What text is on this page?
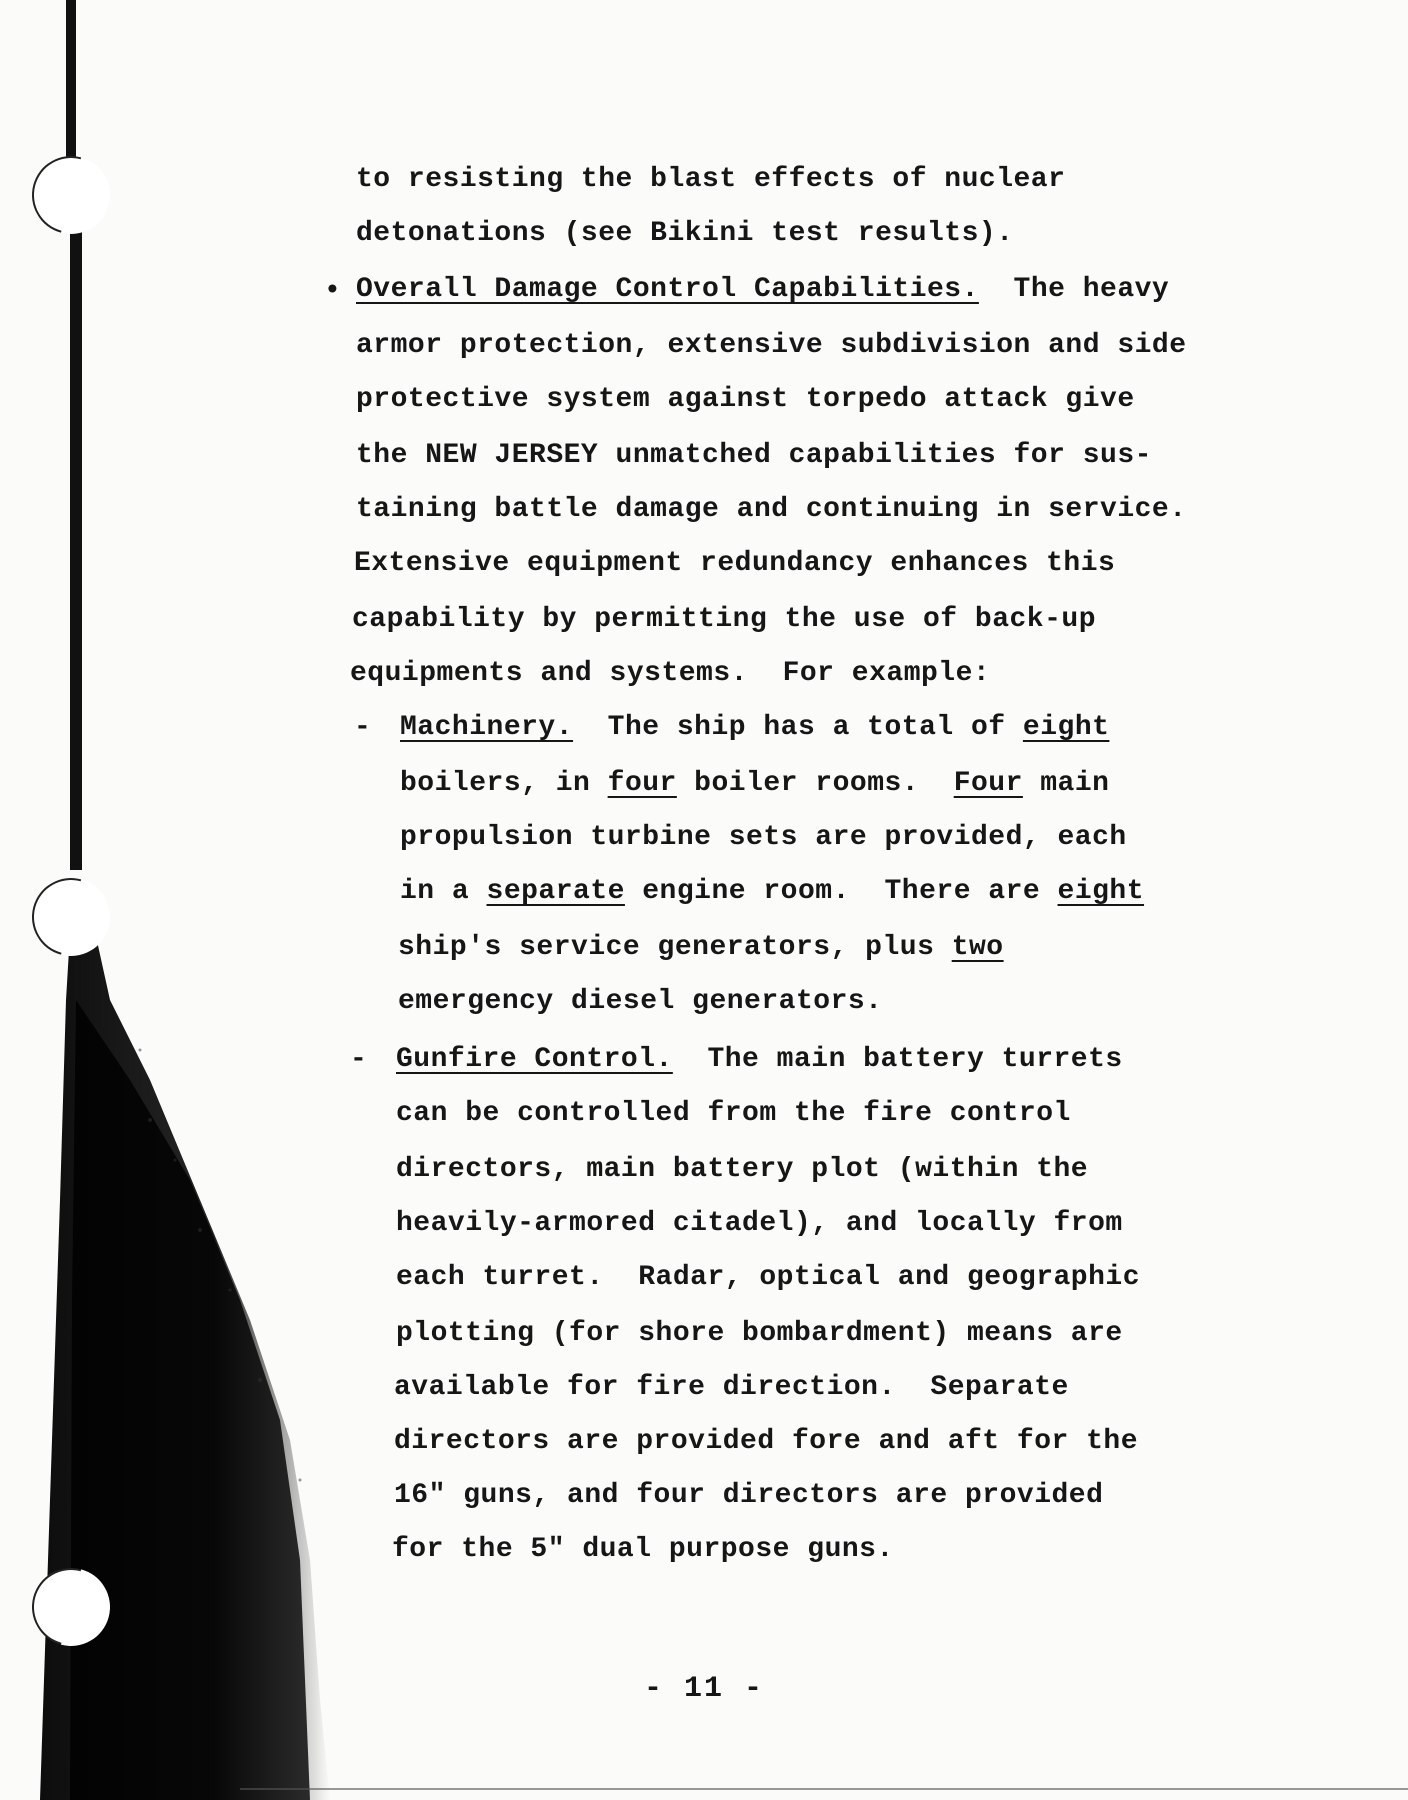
to resisting the blast effects of nuclear
detonations (see Bikini test results).
• Overall Damage Control Capabilities.  The heavy
armor protection, extensive subdivision and side
protective system against torpedo attack give
the NEW JERSEY unmatched capabilities for sus-
taining battle damage and continuing in service.
Extensive equipment redundancy enhances this
capability by permitting the use of back-up
equipments and systems.  For example:
- Machinery.  The ship has a total of eight
boilers, in four boiler rooms.  Four main
propulsion turbine sets are provided, each
in a separate engine room.  There are eight
ship's service generators, plus two
emergency diesel generators.
- Gunfire Control.  The main battery turrets
can be controlled from the fire control
directors, main battery plot (within the
heavily-armored citadel), and locally from
each turret.  Radar, optical and geographic
plotting (for shore bombardment) means are
available for fire direction.  Separate
directors are provided fore and aft for the
16" guns, and four directors are provided
for the 5" dual purpose guns.
- 11 -
